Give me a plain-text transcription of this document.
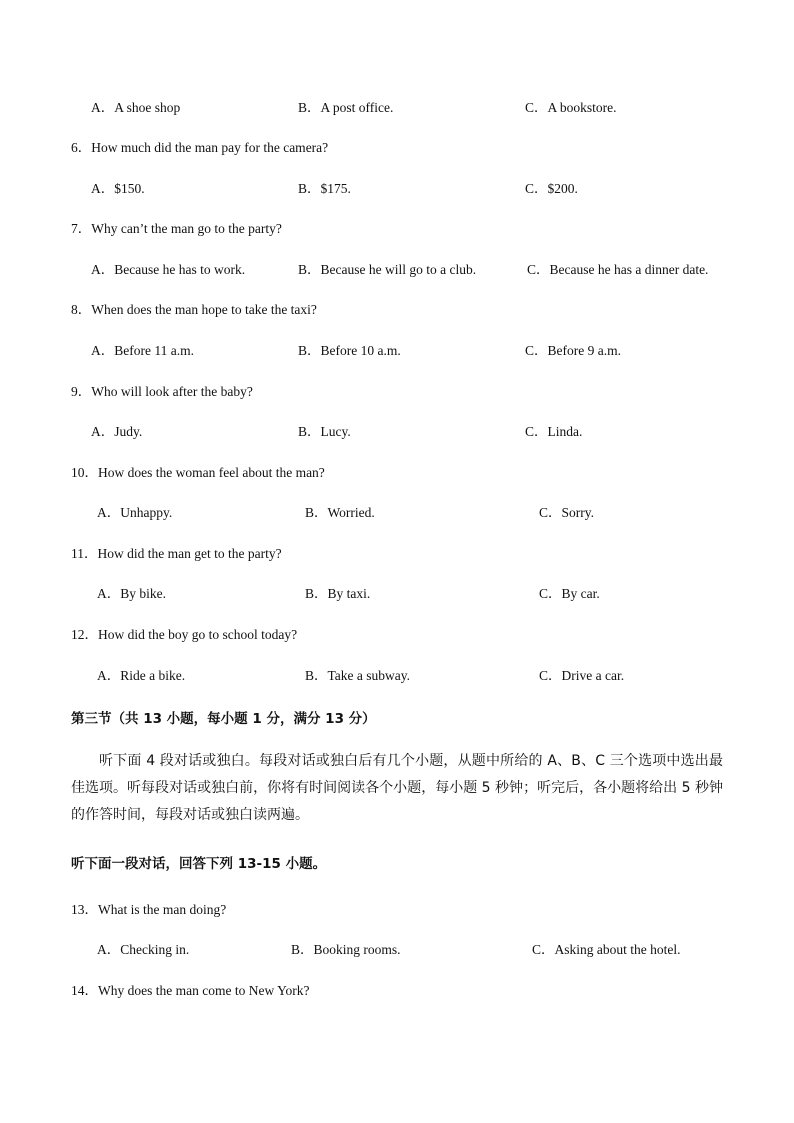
A．A shoe shop	B．A post office.	C．A bookstore.
6．How much did the man pay for the camera?
A．$150.	B．$175.	C．$200.
7．Why can’t the man go to the party?
A．Because he has to work.	B．Because he will go to a club.	C．Because he has a dinner date.
8．When does the man hope to take the taxi?
A．Before 11 a.m.	B．Before 10 a.m.	C．Before 9 a.m.
9．Who will look after the baby?
A．Judy.	B．Lucy.	C．Linda.
10．How does the woman feel about the man?
A．Unhappy.	B．Worried.	C．Sorry.
11．How did the man get to the party?
A．By bike.	B．By taxi.	C．By car.
12．How did the boy go to school today?
A．Ride a bike.	B．Take a subway.	C．Drive a car.
第三节（共 13 小题，每小题 1 分，满分 13 分）
听下面 4 段对话或独白。每段对话或独白后有几个小题，从题中所给的 A、B、C 三个选项中选出最佳选项。听每段对话或独白前，你将有时间阅读各个小题，每小题 5 秒钟；听完后，各小题将给出 5 秒钟的作答时间，每段对话或独白读两遍。
听下面一段对话，回答下列 13-15 小题。
13．What is the man doing?
A．Checking in.	B．Booking rooms.	C．Asking about the hotel.
14．Why does the man come to New York?
